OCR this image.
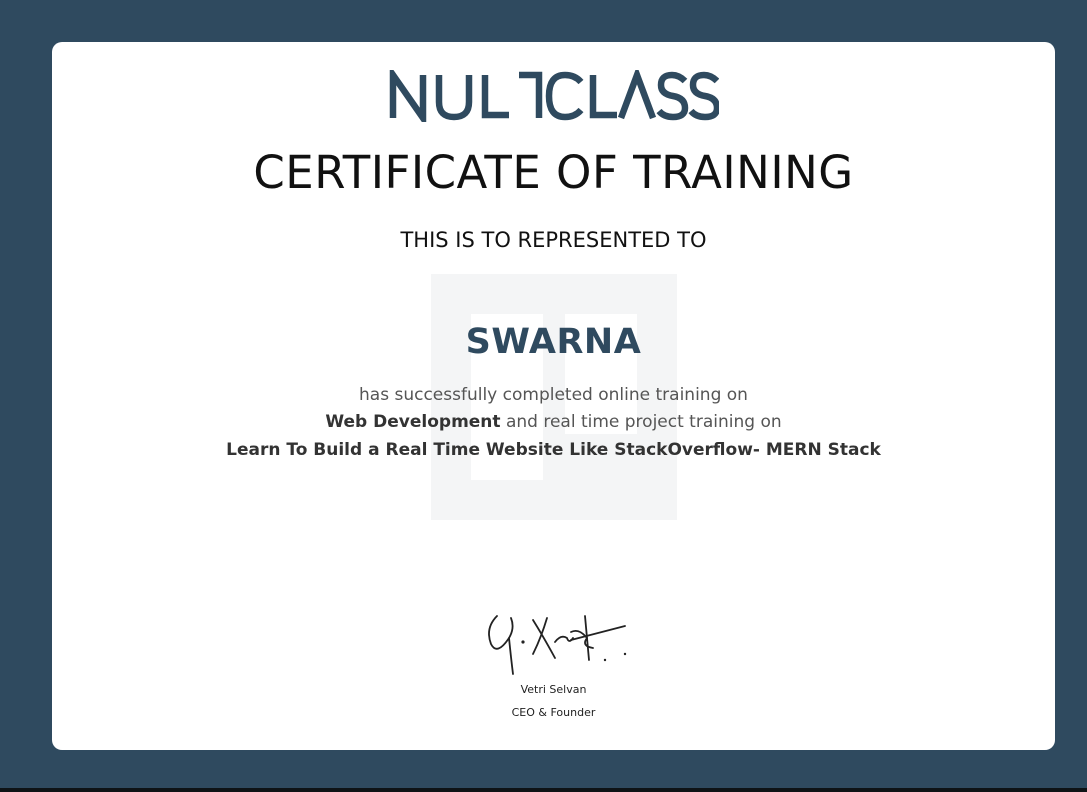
CERTIFICATE OF TRAINING
THIS IS TO REPRESENTED TO
SWARNA
has successfully completed online training on
Web Development and real time project training on
Learn To Build a Real Time Website Like StackOverflow- MERN Stack
Vetri Selvan
CEO & Founder
